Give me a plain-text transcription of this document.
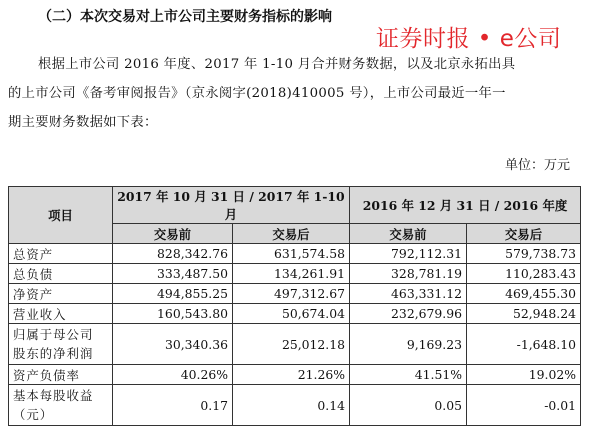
（二）本次交易对上市公司主要财务指标的影响
证券时报 • e公司
根据上市公司 2016 年度、2017 年 1-10 月合并财务数据，以及北京永拓出具
的上市公司《备考审阅报告》（京永阅字(2018)410005 号），上市公司最近一年一
期主要财务数据如下表：
单位：万元
项目	2017 年 10 月 31 日 / 2017 年 1-10 月		2016 年 12 月 31 日 / 2016 年度	
	交易前	交易后	交易前	交易后
总资产	828,342.76	631,574.58	792,112.31	579,738.73
总负债	333,487.50	134,261.91	328,781.19	110,283.43
净资产	494,855.25	497,312.67	463,331.12	469,455.30
营业收入	160,543.80	50,674.04	232,679.96	52,948.24
归属于母公司
股东的净利润	30,340.36	25,012.18	9,169.23	-1,648.10
资产负债率	40.26%	21.26%	41.51%	19.02%
基本每股收益
（元）	0.17	0.14	0.05	-0.01
